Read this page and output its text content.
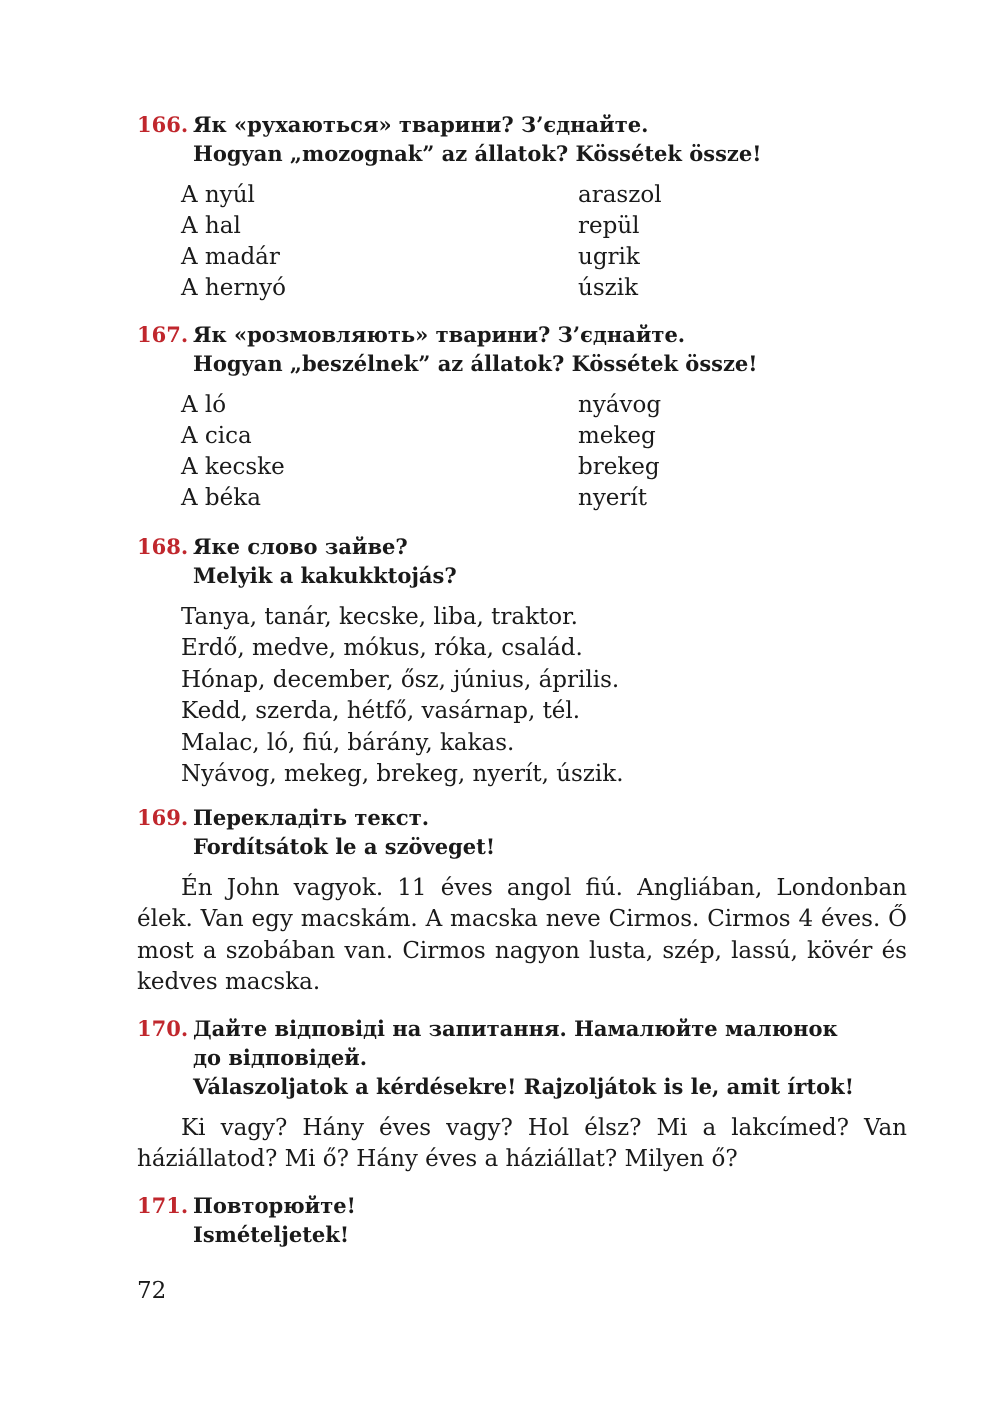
166. Як «рухаються» тварини? З’єднайте.
Hogyan „mozognak” az állatok? Kössétek össze!
A nyúl	araszol
A hal	repül
A madár	ugrik
A hernyó	úszik
167. Як «розмовляють» тварини? З’єднайте.
Hogyan „beszélnek” az állatok? Kössétek össze!
A ló	nyávog
A cica	mekeg
A kecske	brekeg
A béka	nyerít
168. Яке слово зайве?
Melyik a kakukktojás?
Tanya, tanár, kecske, liba, traktor.
Erdő, medve, mókus, róka, család.
Hónap, december, ősz, június, április.
Kedd, szerda, hétfő, vasárnap, tél.
Malac, ló, fiú, bárány, kakas.
Nyávog, mekeg, brekeg, nyerít, úszik.
169. Перекладіть текст.
Fordítsátok le a szöveget!
Én John vagyok. 11 éves angol fiú. Angliában, Londonban élek. Van egy macskám. A macska neve Cirmos. Cirmos 4 éves. Ő most a szobában van. Cirmos nagyon lusta, szép, lassú, kövér és kedves macska.
170. Дайте відповіді на запитання. Намалюйте малюнок
до відповідей.
Válaszoljatok a kérdésekre! Rajzoljátok is le, amit írtok!
Ki vagy? Hány éves vagy? Hol élsz? Mi a lakcímed? Van háziállatod? Mi ő? Hány éves a háziállat? Milyen ő?
171. Повторюйте!
Ismételjetek!
72
